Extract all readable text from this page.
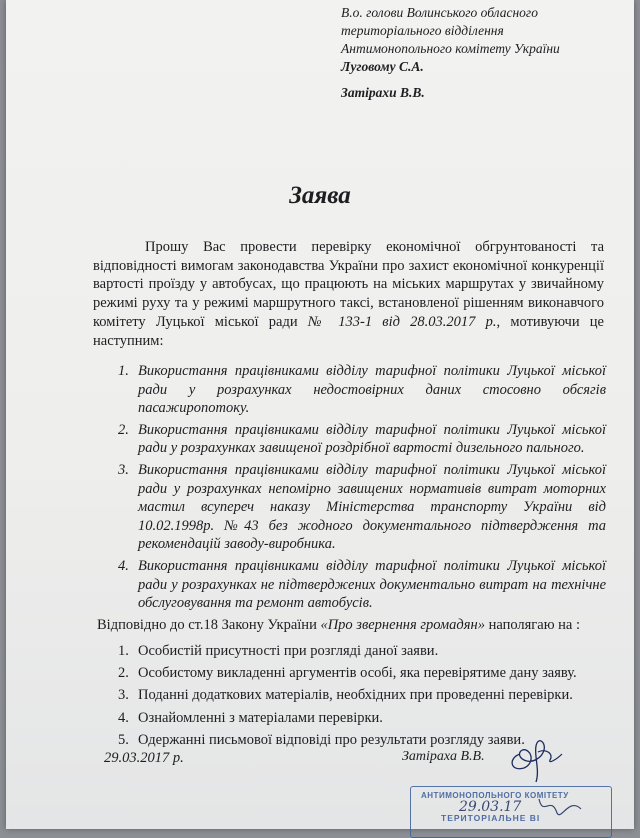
В.о. голови Волинського обласного
територіального відділення
Антимонопольного комітету України
Луговому С.А.
Затірахи В.В.
Заява

Прошу Вас провести перевірку економічної обгрунтованості та відповідності вимогам законодавства України про захист економічної конкуренції вартості проїзду у автобусах, що працюють на міських маршрутах у звичайному режимі руху та у режимі маршрутного таксі, встановленої рішенням виконавчого комітету Луцької міської ради № 133-1 від 28.03.2017 р., мотивуючи це наступним:

1. Використання працівниками відділу тарифної політики Луцької міської ради у розрахунках недостовірних даних стосовно обсягів пасажиропотоку.
2. Використання працівниками відділу тарифної політики Луцької міської ради у розрахунках завищеної роздрібної вартості дизельного пального.
3. Використання працівниками відділу тарифної політики Луцької міської ради у розрахунках непомірно завищених нормативів витрат моторних мастил всупереч наказу Міністерства транспорту України від 10.02.1998р. №43 без жодного документального підтвердження та рекомендацій заводу-виробника.
4. Використання працівниками відділу тарифної політики Луцької міської ради у розрахунках не підтверджених документально витрат на технічне обслуговування та ремонт автобусів.
Відповідно до ст.18 Закону України «Про звернення громадян» наполягаю на :
1. Особистій присутності при розгляді даної заяви.
2. Особистому викладенні аргументів особі, яка перевірятиме дану заяву.
3. Поданні додаткових матеріалів, необхідних при проведенні перевірки.
4. Ознайомленні з матеріалами перевірки.
5. Одержанні письмової відповіді про результати розгляду заяви.
29.03.2017 р.	Затіраха В.В.
АНТИМОНОПОЛЬНОГО КОМІТЕТУ
ТЕРИТОРІАЛЬНЕ ВІ
29.03.17
